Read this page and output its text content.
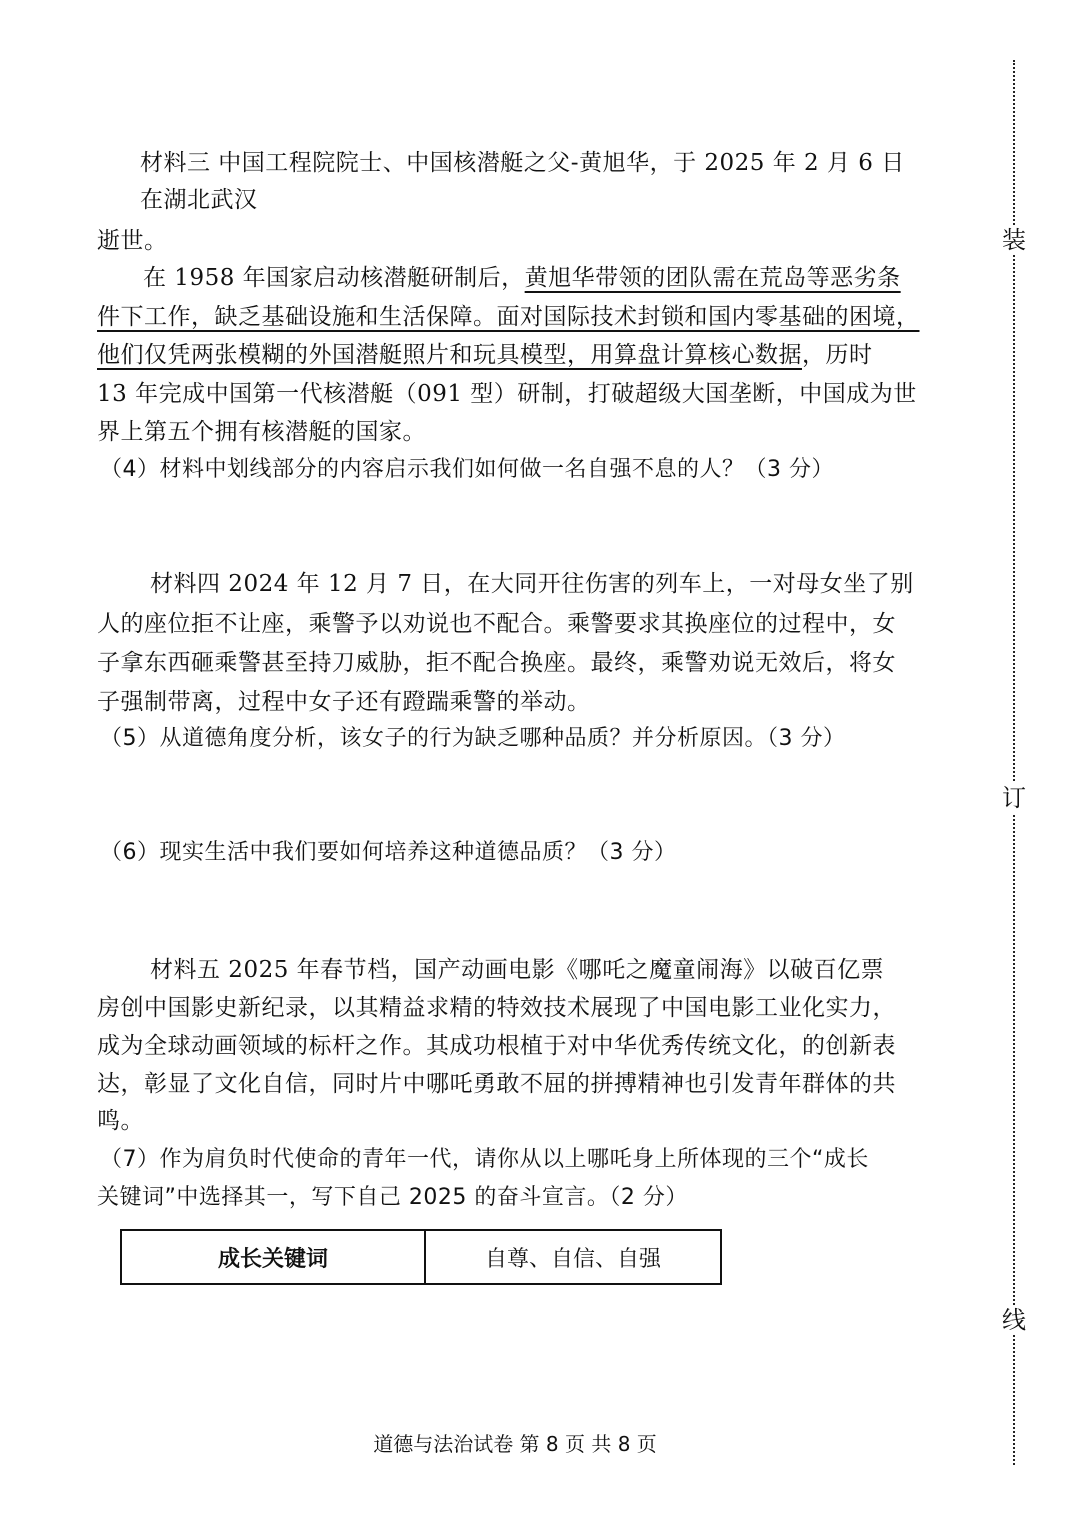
材料三 中国工程院院士、中国核潜艇之父-黄旭华，于 2025 年 2 月 6 日
在湖北武汉
逝世。
在 1958 年国家启动核潜艇研制后，黄旭华带领的团队需在荒岛等恶劣条
件下工作，缺乏基础设施和生活保障。面对国际技术封锁和国内零基础的困境，
他们仅凭两张模糊的外国潜艇照片和玩具模型，用算盘计算核心数据，历时
13 年完成中国第一代核潜艇（091 型）研制，打破超级大国垄断，中国成为世
界上第五个拥有核潜艇的国家。
（4）材料中划线部分的内容启示我们如何做一名自强不息的人？（3 分）
材料四 2024 年 12 月 7 日，在大同开往伤害的列车上，一对母女坐了别
人的座位拒不让座，乘警予以劝说也不配合。乘警要求其换座位的过程中，女
子拿东西砸乘警甚至持刀威胁，拒不配合换座。最终，乘警劝说无效后，将女
子强制带离，过程中女子还有蹬踹乘警的举动。
（5）从道德角度分析，该女子的行为缺乏哪种品质？并分析原因。（3 分）
（6）现实生活中我们要如何培养这种道德品质？（3 分）
材料五 2025 年春节档，国产动画电影《哪吒之魔童闹海》以破百亿票
房创中国影史新纪录，以其精益求精的特效技术展现了中国电影工业化实力，
成为全球动画领域的标杆之作。其成功根植于对中华优秀传统文化，的创新表
达，彰显了文化自信，同时片中哪吒勇敢不屈的拼搏精神也引发青年群体的共
鸣。
（7）作为肩负时代使命的青年一代，请你从以上哪吒身上所体现的三个“成长
关键词”中选择其一，写下自己 2025 的奋斗宣言。（2 分）
成长关键词	自尊、自信、自强
装
订
线
道德与法治试卷 第 8 页 共 8 页
